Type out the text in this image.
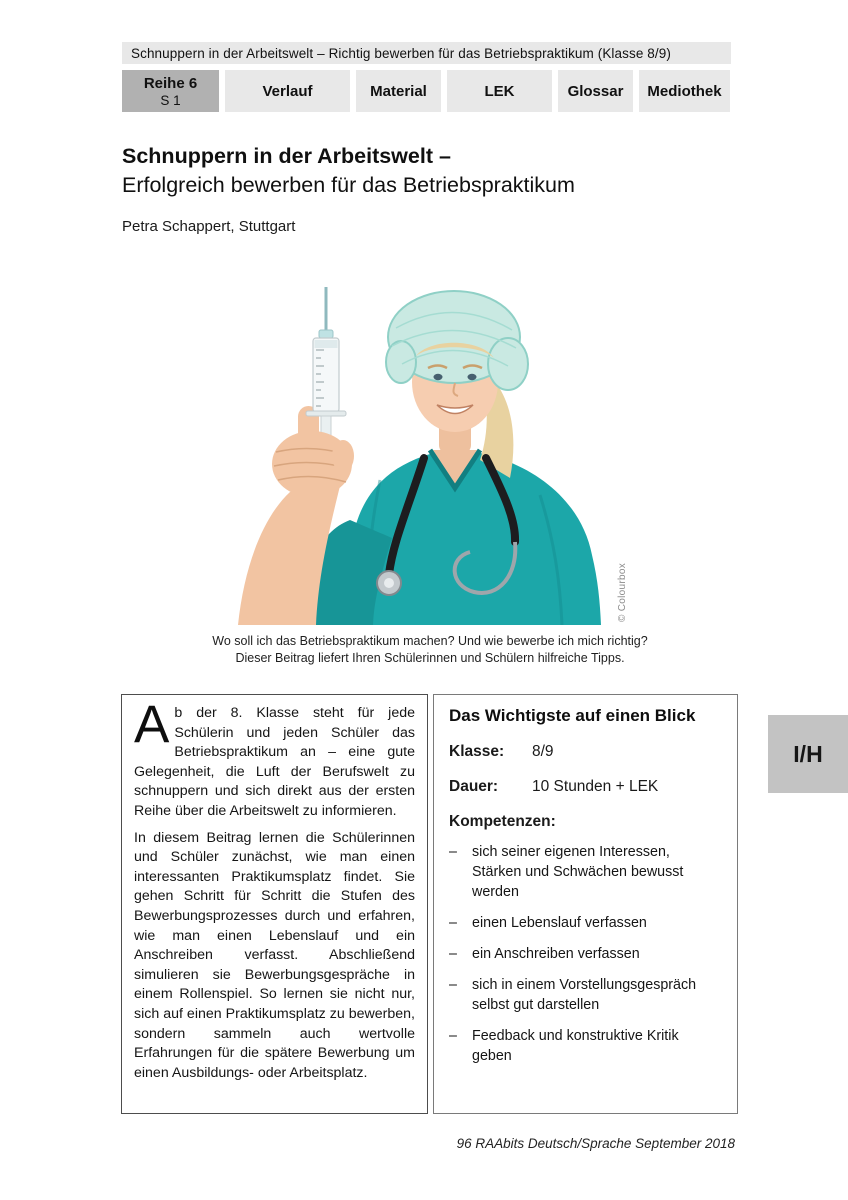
Schnuppern in der Arbeitswelt – Richtig bewerben für das Betriebspraktikum (Klasse 8/9)
Reihe 6
S 1
Verlauf	Material	LEK	Glossar Mediothek
Schnuppern in der Arbeitswelt –
Erfolgreich bewerben für das Betriebspraktikum
Petra Schappert, Stuttgart
© Colourbox
Wo soll ich das Betriebspraktikum machen? Und wie bewerbe ich mich richtig?
Dieser Beitrag liefert Ihren Schülerinnen und Schülern hilfreiche Tipps.

Ab der 8. Klasse steht für jede Schülerin und jeden Schüler das Betriebspraktikum an – eine gute Gelegenheit, die Luft der Berufswelt zu schnuppern und sich direkt aus der ersten Reihe über die Arbeitswelt zu informieren.

In diesem Beitrag lernen die Schülerinnen und Schüler zunächst, wie man einen interessanten Praktikumsplatz findet. Sie gehen Schritt für Schritt die Stufen des Bewerbungsprozesses durch und erfahren, wie man einen Lebenslauf und ein Anschreiben verfasst. Abschließend simulieren sie Bewerbungsgespräche in einem Rollenspiel. So lernen sie nicht nur, sich auf einen Praktikumsplatz zu bewerben, sondern sammeln auch wertvolle Erfahrungen für die spätere Bewerbung um einen Ausbildungs- oder Arbeitsplatz.

Das Wichtigste auf einen Blick
Klasse: 8/9
Dauer: 10 Stunden + LEK
Kompetenzen:
–	sich seiner eigenen Interessen, Stärken und Schwächen bewusst werden
–	einen Lebenslauf verfassen
–	ein Anschreiben verfassen
–	sich in einem Vorstellungsgespräch selbst gut darstellen
–	Feedback und konstruktive Kritik geben
I/H
96 RAAbits Deutsch/Sprache September 2018
